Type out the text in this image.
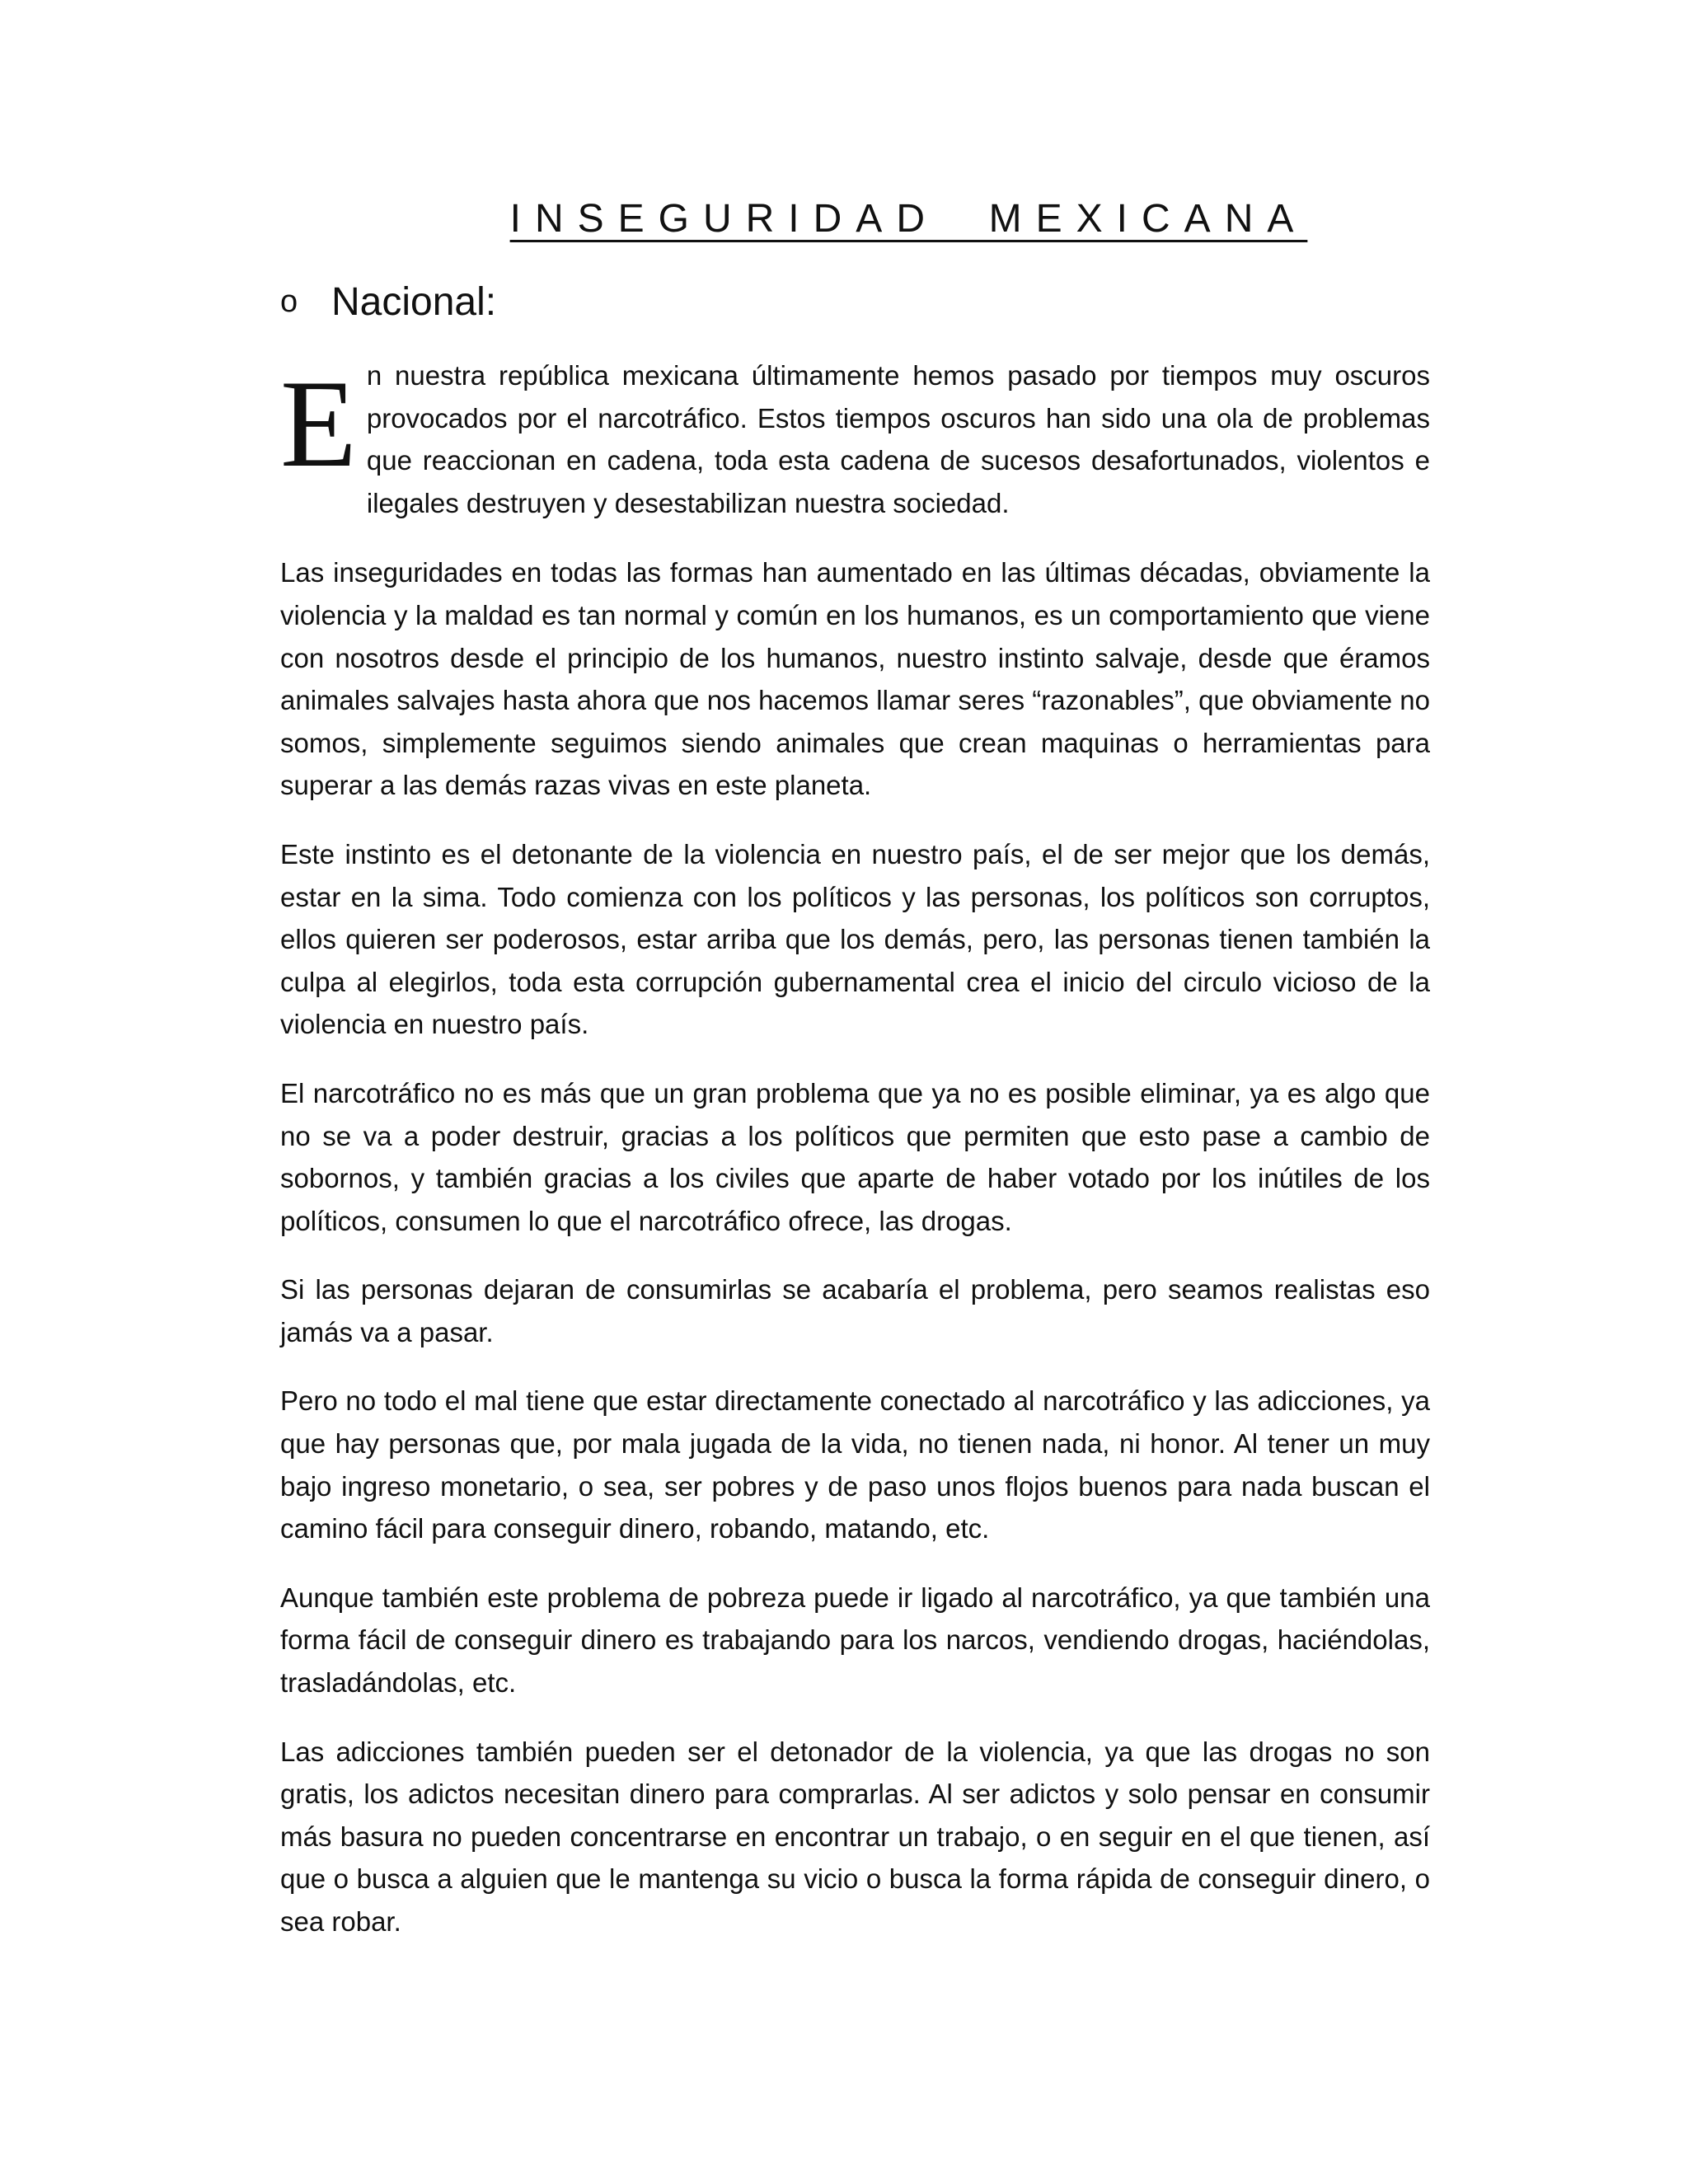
INSEGURIDAD  MEXICANA
o Nacional:

En nuestra república mexicana últimamente hemos pasado por tiempos muy oscuros provocados por el narcotráfico. Estos tiempos oscuros han sido una ola de problemas que reaccionan en cadena, toda esta cadena de sucesos desafortunados, violentos e ilegales destruyen y desestabilizan nuestra sociedad.

Las inseguridades en todas las formas han aumentado en las últimas décadas, obviamente la violencia y la maldad es tan normal y común en los humanos, es un comportamiento que viene con nosotros desde el principio de los humanos, nuestro instinto salvaje, desde que éramos animales salvajes hasta ahora que nos hacemos llamar seres “razonables”, que obviamente no somos, simplemente seguimos siendo animales que crean maquinas o herramientas para superar a las demás razas vivas en este planeta.

Este instinto es el detonante de la violencia en nuestro país, el de ser mejor que los demás, estar en la sima. Todo comienza con los políticos y las personas, los políticos son corruptos, ellos quieren ser poderosos, estar arriba que los demás, pero, las personas tienen también la culpa al elegirlos, toda esta corrupción gubernamental crea el inicio del circulo vicioso de la violencia en nuestro país.

El narcotráfico no es más que un gran problema que ya no es posible eliminar, ya es algo que no se va a poder destruir, gracias a los políticos que permiten que esto pase a cambio de sobornos, y también gracias a los civiles que aparte de haber votado por los inútiles de los políticos, consumen lo que el narcotráfico ofrece, las drogas.

Si las personas dejaran de consumirlas se acabaría el problema, pero seamos realistas eso jamás va a pasar.

Pero no todo el mal tiene que estar directamente conectado al narcotráfico y las adicciones, ya que hay personas que, por mala jugada de la vida, no tienen nada, ni honor. Al tener un muy bajo ingreso monetario, o sea, ser pobres y de paso unos flojos buenos para nada buscan el camino fácil para conseguir dinero, robando, matando, etc.

Aunque también este problema de pobreza puede ir ligado al narcotráfico, ya que también una forma fácil de conseguir dinero es trabajando para los narcos, vendiendo drogas, haciéndolas, trasladándolas, etc.

Las adicciones también pueden ser el detonador de la violencia, ya que las drogas no son gratis, los adictos necesitan dinero para comprarlas. Al ser adictos y solo pensar en consumir más basura no pueden concentrarse en encontrar un trabajo, o en seguir en el que tienen, así que o busca a alguien que le mantenga su vicio o busca la forma rápida de conseguir dinero, o sea robar.
